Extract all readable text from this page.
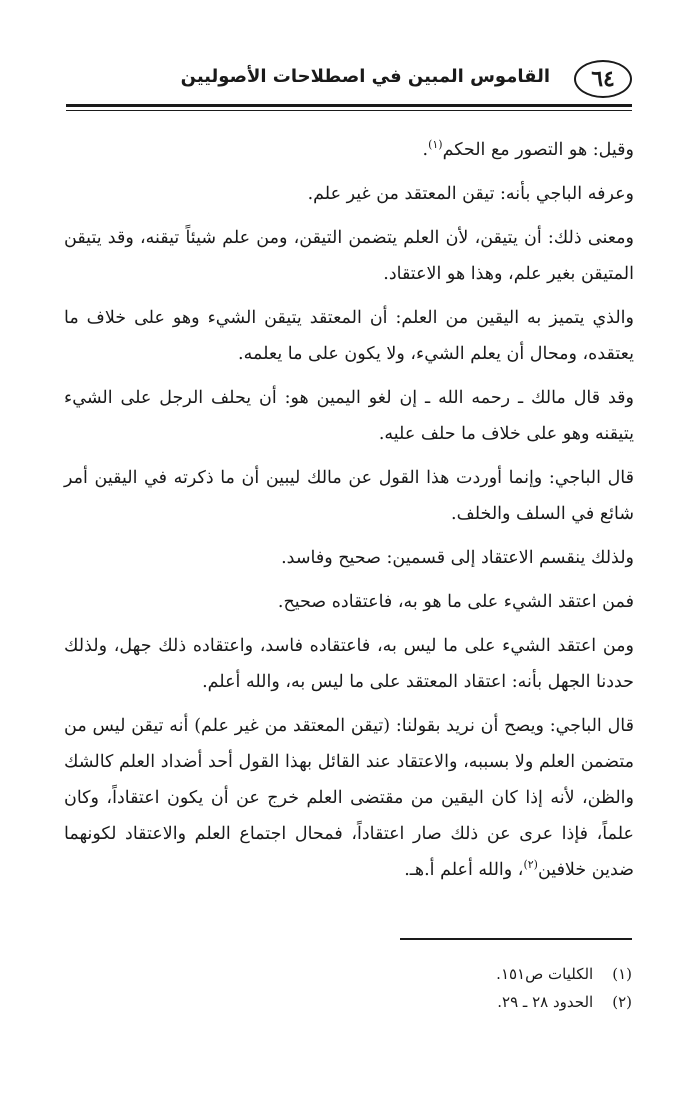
٦٤
القاموس المبين في اصطلاحات الأصوليين

وقيل: هو التصور مع الحكم$^{(١)}$.

وعرفه الباجي بأنه: تيقن المعتقد من غير علم.

ومعنى ذلك: أن يتيقن، لأن العلم يتضمن التيقن، ومن علم شيئاً تيقنه، وقد يتيقن المتيقن بغير علم، وهذا هو الاعتقاد.

والذي يتميز به اليقين من العلم: أن المعتقد يتيقن الشيء وهو على خلاف ما يعتقده، ومحال أن يعلم الشيء، ولا يكون على ما يعلمه.

وقد قال مالك ـ رحمه الله ـ إن لغو اليمين هو: أن يحلف الرجل على الشيء يتيقنه وهو على خلاف ما حلف عليه.

قال الباجي: وإنما أوردت هذا القول عن مالك ليبين أن ما ذكرته في اليقين أمر شائع في السلف والخلف.

ولذلك ينقسم الاعتقاد إلى قسمين: صحيح وفاسد.

فمن اعتقد الشيء على ما هو به، فاعتقاده صحيح.

ومن اعتقد الشيء على ما ليس به، فاعتقاده فاسد، واعتقاده ذلك جهل، ولذلك حددنا الجهل بأنه: اعتقاد المعتقد على ما ليس به، والله أعلم.

قال الباجي: ويصح أن نريد بقولنا: (تيقن المعتقد من غير علم) أنه تيقن ليس من متضمن العلم ولا بسببه، والاعتقاد عند القائل بهذا القول أحد أضداد العلم كالشك والظن، لأنه إذا كان اليقين من مقتضى العلم خرج عن أن يكون اعتقاداً، وكان علماً، فإذا عرى عن ذلك صار اعتقاداً، فمحال اجتماع العلم والاعتقاد لكونهما ضدين خلافين$^{(٢)}$، والله أعلم أ.هـ.

(١) الكليات ص١٥١.
(٢) الحدود ٢٨ ـ ٢٩.
